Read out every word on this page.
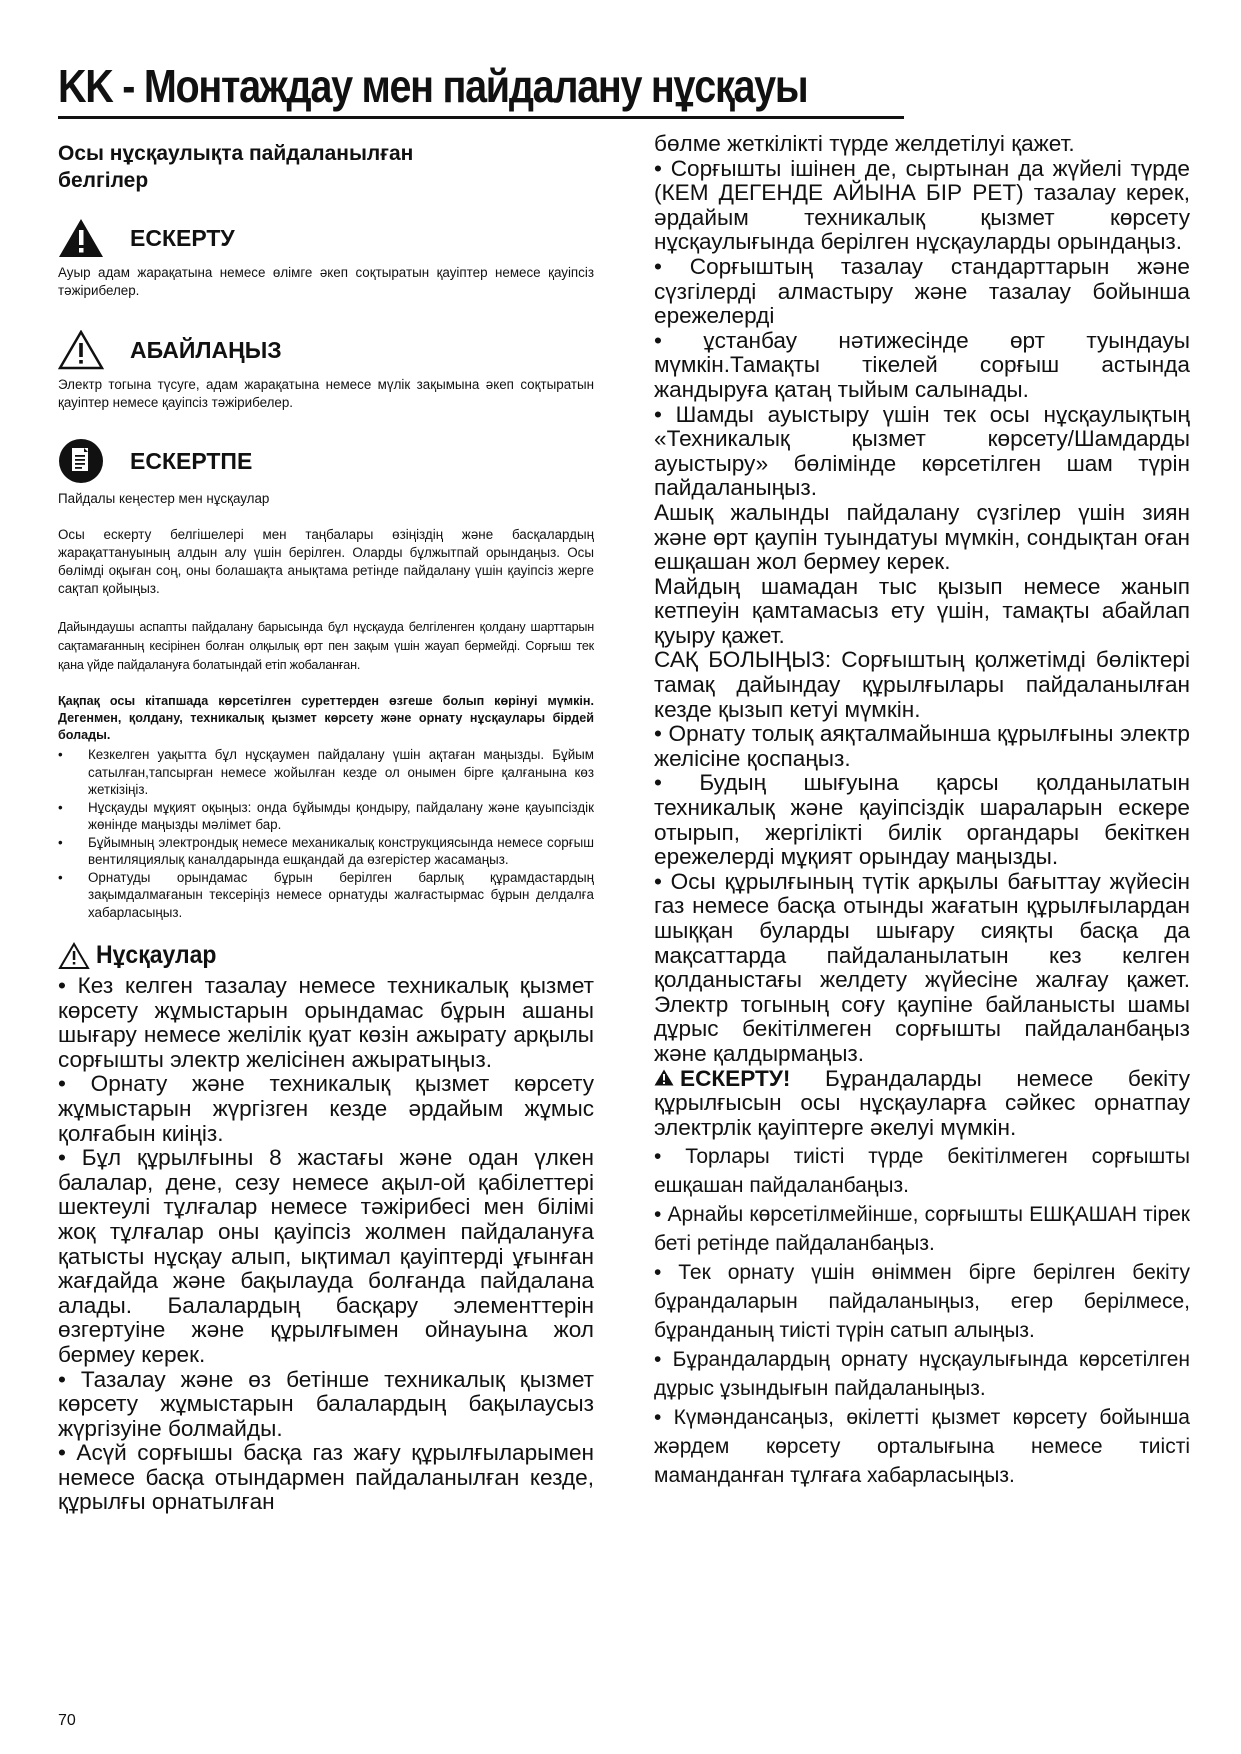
KK - Монтаждау мен пайдалану нұсқауы
Осы нұсқаулықта пайдаланылған белгілер
ЕСКЕРТУ

Ауыр адам жарақатына немесе өлімге әкеп соқтыратын қауіптер немесе қауіпсіз тәжірибелер.

АБАЙЛАҢЫЗ

Электр тогына түсуге, адам жарақатына немесе мүлік зақымына әкеп соқтыратын қауіптер немесе қауіпсіз тәжірибелер.

ЕСКЕРТПЕ

Пайдалы кеңестер мен нұсқаулар

Осы ескерту белгішелері мен таңбалары өзіңіздің және басқалардың жарақаттануының алдын алу үшін берілген. Оларды бұлжытпай орындаңыз. Осы бөлімді оқыған соң, оны болашақта анықтама ретінде пайдалану үшін қауіпсіз жерге сақтап қойыңыз.

Дайындаушы аспапты пайдалану барысында бұл нұсқауда белгіленген қолдану шарттарын сақтамағанның кесірінен болған олқылық өрт пен зақым үшін жауап бермейді. Сорғыш тек қана үйде пайдалануға болатындай етіп жобаланған.

Қақпақ осы кітапшада көрсетілген суреттерден өзгеше болып көрінуі мүмкін. Дегенмен, қолдану, техникалық қызмет көрсету және орнату нұсқаулары бірдей болады.

• Кезкелген уақытта бұл нұсқаумен пайдалану үшін ақтаған маңызды. Бұйым сатылған,тапсырған немесе жойылған кезде ол онымен бірге қалғанына көз жеткізіңіз.
• Нұсқауды мұқият оқыңыз: онда бұйымды қондыру, пайдалану және қауыпсіздік жөнінде маңызды мәлімет бар.
• Бұйымның электрондық немесе механикалық конструкциясында немесе сорғыш вентиляциялық каналдарында ешқандай да өзгерістер жасамаңыз.
• Орнатуды орындамас бұрын берілген барлық құрамдастардың зақымдалмағанын тексеріңіз немесе орнатуды жалғастырмас бұрын делдалға хабарласыңыз.
Нұсқаулар

• Кез келген тазалау немесе техникалық қызмет көрсету жұмыстарын орындамас бұрын ашаны шығару немесе желілік қуат көзін ажырату арқылы сорғышты электр желісінен ажыратыңыз.

• Орнату және техникалық қызмет көрсету жұмыстарын жүргізген кезде әрдайым жұмыс қолғабын киіңіз.

• Бұл құрылғыны 8 жастағы және одан үлкен балалар, дене, сезу немесе ақыл-ой қабілеттері шектеулі тұлғалар немесе тәжірибесі мен білімі жоқ тұлғалар оны қауіпсіз жолмен пайдалануға қатысты нұсқау алып, ықтимал қауіптерді ұғынған жағдайда және бақылауда болғанда пайдалана алады. Балалардың басқару элементтерін өзгертуіне және құрылғымен ойнауына жол бермеу керек.

• Тазалау және өз бетінше техникалық қызмет көрсету жұмыстарын балалардың бақылаусыз жүргізуіне болмайды.

• Асүй сорғышы басқа газ жағу құрылғыларымен немесе басқа отындармен пайдаланылған кезде, құрылғы орнатылған

бөлме жеткілікті түрде желдетілуі қажет.

• Сорғышты ішінен де, сыртынан да жүйелі түрде (КЕМ ДЕГЕНДЕ АЙЫНА БІР РЕТ) тазалау керек, әрдайым техникалық қызмет көрсету нұсқаулығында берілген нұсқауларды орындаңыз.

• Сорғыштың тазалау стандарттарын және сүзгілерді алмастыру және тазалау бойынша ережелерді

• ұстанбау нәтижесінде өрт туындауы мүмкін.Тамақты тікелей сорғыш астында жандыруға қатаң тыйым салынады.

• Шамды ауыстыру үшін тек осы нұсқаулықтың «Техникалық қызмет көрсету/Шамдарды ауыстыру» бөлімінде көрсетілген шам түрін пайдаланыңыз.

Ашық жалынды пайдалану сүзгілер үшін зиян және өрт қаупін туындатуы мүмкін, сондықтан оған ешқашан жол бермеу керек.

Майдың шамадан тыс қызып немесе жанып кетпеуін қамтамасыз ету үшін, тамақты абайлап қуыру қажет.

САҚ БОЛЫҢЫЗ: Сорғыштың қолжетімді бөліктері тамақ дайындау құрылғылары пайдаланылған кезде қызып кетуі мүмкін.

• Орнату толық аяқталмайынша құрылғыны электр желісіне қоспаңыз.

• Будың шығуына қарсы қолданылатын техникалық және қауіпсіздік шараларын ескере отырып, жергілікті билік органдары бекіткен ережелерді мұқият орындау маңызды.

• Осы құрылғының түтік арқылы бағыттау жүйесін газ немесе басқа отынды жағатын құрылғылардан шыққан буларды шығару сияқты басқа да мақсаттарда пайдаланылатын кез келген қолданыстағы желдету жүйесіне жалғау қажет. Электр тогының соғу қаупіне байланысты шамы дұрыс бекітілмеген сорғышты пайдаланбаңыз және қалдырмаңыз.

ЕСКЕРТУ! Бұрандаларды немесе бекіту құрылғысын осы нұсқауларға сәйкес орнатпау электрлік қауіптерге әкелуі мүмкін.

• Торлары тиісті түрде бекітілмеген сорғышты ешқашан пайдаланбаңыз.

• Арнайы көрсетілмейінше, сорғышты ЕШҚАШАН тірек беті ретінде пайдаланбаңыз.

• Тек орнату үшін өніммен бірге берілген бекіту бұрандаларын пайдаланыңыз, егер берілмесе, бұранданың тиісті түрін сатып алыңыз.

• Бұрандалардың орнату нұсқаулығында көрсетілген дұрыс ұзындығын пайдаланыңыз.

• Күмәндансаңыз, өкілетті қызмет көрсету бойынша жәрдем көрсету орталығына немесе тиісті маманданған тұлғаға хабарласыңыз.

70
